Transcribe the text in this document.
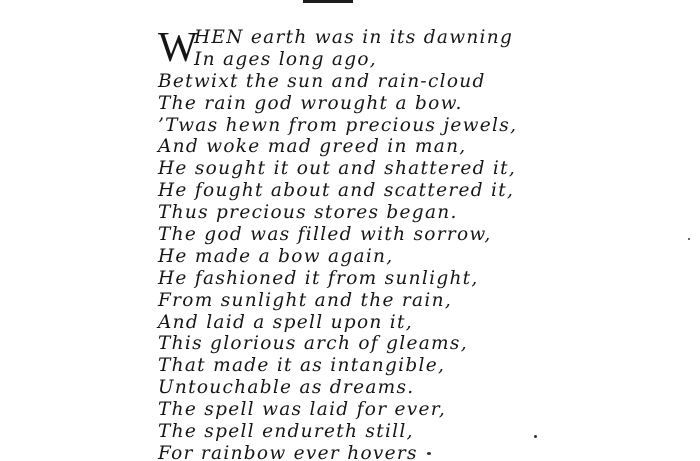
W
HEN earth was in its dawning
In ages long ago,
Betwixt the sun and rain-cloud
The rain god wrought a bow.
’Twas hewn from precious jewels,
And woke mad greed in man,
He sought it out and shattered it,
He fought about and scattered it,
Thus precious stores began.
The god was filled with sorrow,
He made a bow again,
He fashioned it from sunlight,
From sunlight and the rain,
And laid a spell upon it,
This glorious arch of gleams,
That made it as intangible,
Untouchable as dreams.
The spell was laid for ever,
The spell endureth still,
For rainbow ever hovers
